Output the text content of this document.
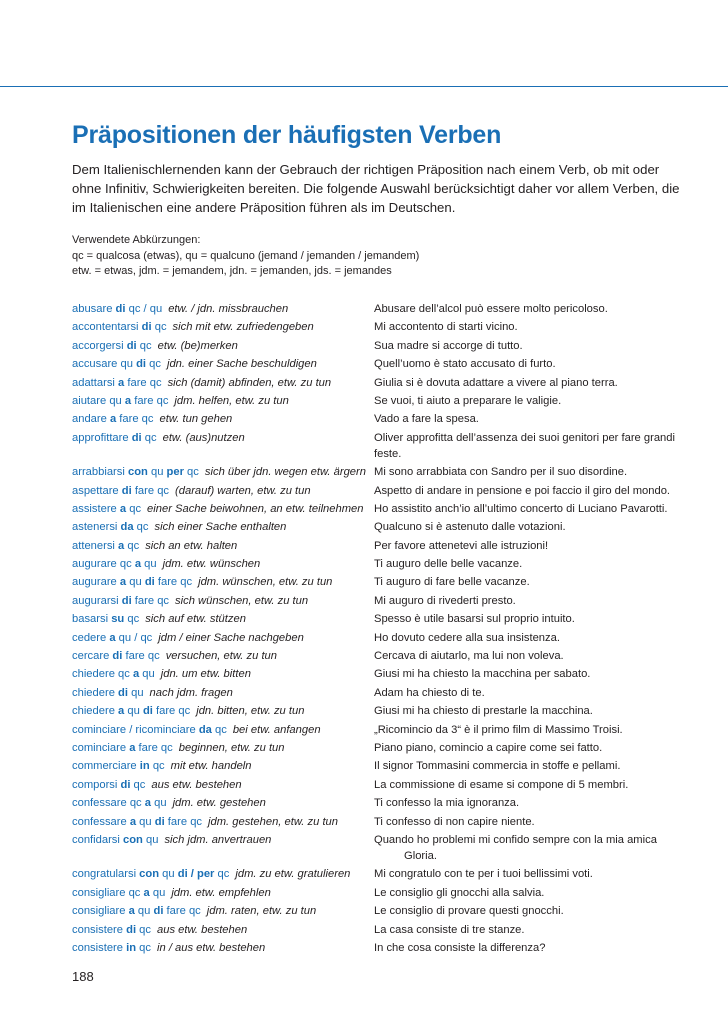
Präpositionen der häufigsten Verben

Dem Italienischlernenden kann der Gebrauch der richtigen Präposition nach einem Verb, ob mit oder ohne Infinitiv, Schwierigkeiten bereiten. Die folgende Auswahl berücksichtigt daher vor allem Verben, die im Italienischen eine andere Präposition führen als im Deutschen.

Verwendete Abkürzungen:
qc = qualcosa (etwas), qu = qualcuno (jemand / jemanden / jemandem)
etw. = etwas, jdm. = jemandem, jdn. = jemanden, jds. = jemandes
abusare di qc / qu etw. / jdn. missbrauchen	Abusare dell’alcol può essere molto pericoloso.
accontentarsi di qc sich mit etw. zufriedengeben	Mi accontento di starti vicino.
accorgersi di qc etw. (be)merken	Sua madre si accorge di tutto.
accusare qu di qc jdn. einer Sache beschuldigen	Quell’uomo è stato accusato di furto.
adattarsi a fare qc sich (damit) abfinden, etw. zu tun	Giulia si è dovuta adattare a vivere al piano terra.
aiutare qu a fare qc jdm. helfen, etw. zu tun	Se vuoi, ti aiuto a preparare le valigie.
andare a fare qc etw. tun gehen	Vado a fare la spesa.
approfittare di qc etw. (aus)nutzen	Oliver approfitta dell’assenza dei suoi genitori per fare grandi
feste.
arrabbiarsi con qu per qc sich über jdn. wegen etw. ärgern Mi sono arrabbiata con Sandro per il suo disordine.
aspettare di fare qc (darauf) warten, etw. zu tun	Aspetto di andare in pensione e poi faccio il giro del mondo.
assistere a qc einer Sache beiwohnen, an etw. teilnehmen Ho assistito anch’io all’ultimo concerto di Luciano Pavarotti.
astenersi da qc sich einer Sache enthalten	Qualcuno si è astenuto dalle votazioni.
attenersi a qc sich an etw. halten	Per favore attenetevi alle istruzioni!
augurare qc a qu jdm. etw. wünschen	Ti auguro delle belle vacanze.
augurare a qu di fare qc jdm. wünschen, etw. zu tun	Ti auguro di fare belle vacanze.
augurarsi di fare qc sich wünschen, etw. zu tun	Mi auguro di rivederti presto.
basarsi su qc sich auf etw. stützen	Spesso è utile basarsi sul proprio intuito.
cedere a qu / qc jdm / einer Sache nachgeben	Ho dovuto cedere alla sua insistenza.
cercare di fare qc versuchen, etw. zu tun	Cercava di aiutarlo, ma lui non voleva.
chiedere qc a qu jdn. um etw. bitten	Giusi mi ha chiesto la macchina per sabato.
chiedere di qu nach jdm. fragen	Adam ha chiesto di te.
chiedere a qu di fare qc jdn. bitten, etw. zu tun	Giusi mi ha chiesto di prestarle la macchina.
cominciare / ricominciare da qc bei etw. anfangen	„Ricomincio da 3“ è il primo film di Massimo Troisi.
cominciare a fare qc beginnen, etw. zu tun	Piano piano, comincio a capire come sei fatto.
commerciare in qc mit etw. handeln	Il signor Tommasini commercia in stoffe e pellami.
comporsi di qc aus etw. bestehen	La commissione di esame si compone di 5 membri.
confessare qc a qu jdm. etw. gestehen	Ti confesso la mia ignoranza.
confessare a qu di fare qc jdm. gestehen, etw. zu tun	Ti confesso di non capire niente.
confidarsi con qu sich jdm. anvertrauen	Quando ho problemi mi confido sempre con la mia amica
Gloria.
congratularsi con qu di / per qc jdm. zu etw. gratulieren	Mi congratulo con te per i tuoi bellissimi voti.
consigliare qc a qu jdm. etw. empfehlen	Le consiglio gli gnocchi alla salvia.
consigliare a qu di fare qc jdm. raten, etw. zu tun	Le consiglio di provare questi gnocchi.
consistere di qc aus etw. bestehen	La casa consiste di tre stanze.
consistere in qc in / aus etw. bestehen	In che cosa consiste la differenza?
188
